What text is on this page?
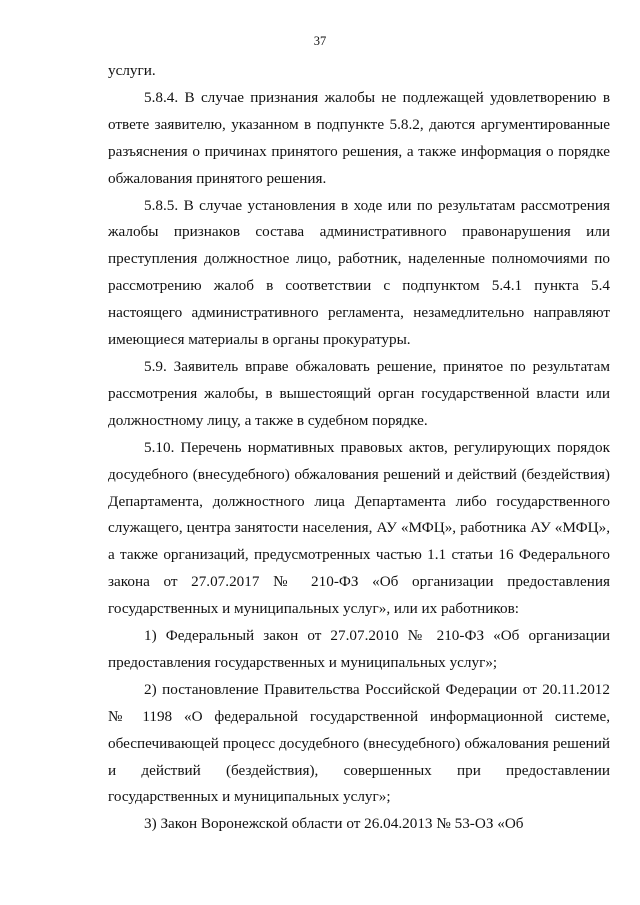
37

услуги.

5.8.4. В случае признания жалобы не подлежащей удовлетворению в ответе заявителю, указанном в подпункте 5.8.2, даются аргументированные разъяснения о причинах принятого решения, а также информация о порядке обжалования принятого решения.

5.8.5. В случае установления в ходе или по результатам рассмотрения жалобы признаков состава административного правонарушения или преступления должностное лицо, работник, наделенные полномочиями по рассмотрению жалоб в соответствии с подпунктом 5.4.1 пункта 5.4 настоящего административного регламента, незамедлительно направляют имеющиеся материалы в органы прокуратуры.

5.9. Заявитель вправе обжаловать решение, принятое по результатам рассмотрения жалобы, в вышестоящий орган государственной власти или должностному лицу, а также в судебном порядке.

5.10. Перечень нормативных правовых актов, регулирующих порядок досудебного (внесудебного) обжалования решений и действий (бездействия) Департамента, должностного лица Департамента либо государственного служащего, центра занятости населения, АУ «МФЦ», работника АУ «МФЦ», а также организаций, предусмотренных частью 1.1 статьи 16 Федерального закона от 27.07.2017 № 210-ФЗ «Об организации предоставления государственных и муниципальных услуг», или их работников:

1) Федеральный закон от 27.07.2010 № 210-ФЗ «Об организации предоставления государственных и муниципальных услуг»;

2) постановление Правительства Российской Федерации от 20.11.2012 № 1198 «О федеральной государственной информационной системе, обеспечивающей процесс досудебного (внесудебного) обжалования решений и действий (бездействия), совершенных при предоставлении государственных и муниципальных услуг»;

3) Закон Воронежской области от 26.04.2013 № 53-ОЗ «Об
